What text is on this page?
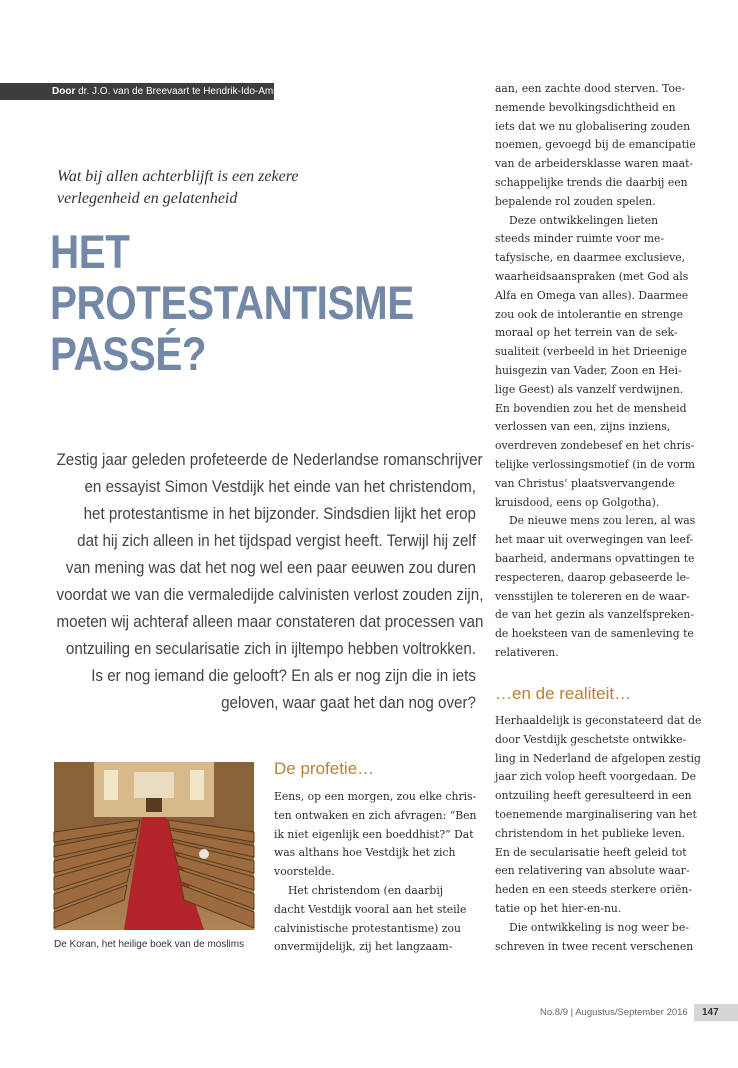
Door dr. J.O. van de Breevaart te Hendrik-Ido-Ambacht
Wat bij allen achterblijft is een zekere
verlegenheid en gelatenheid
HET
PROTESTANTISME
PASSÉ?
Zestig jaar geleden profeteerde de Nederlandse romanschrijver
en essayist Simon Vestdijk het einde van het christendom,
het protestantisme in het bijzonder. Sindsdien lijkt het erop
dat hij zich alleen in het tijdspad vergist heeft. Terwijl hij zelf
van mening was dat het nog wel een paar eeuwen zou duren
voordat we van die vermaledijde calvinisten verlost zouden zijn,
moeten wij achteraf alleen maar constateren dat processen van
ontzuiling en secularisatie zich in ijltempo hebben voltrokken.
Is er nog iemand die gelooft? En als er nog zijn die in iets
geloven, waar gaat het dan nog over?
De Koran, het heilige boek van de moslims
De profetie…
Eens, op een morgen, zou elke chris-
ten ontwaken en zich afvragen: “Ben
ik niet eigenlijk een boeddhist?” Dat
was althans hoe Vestdijk het zich
voorstelde.
Het christendom (en daarbij
dacht Vestdijk vooral aan het steile
calvinistische protestantisme) zou
onvermijdelijk, zij het langzaam-
aan, een zachte dood sterven. Toe-
nemende bevolkingsdichtheid en
iets dat we nu globalisering zouden
noemen, gevoegd bij de emancipatie
van de arbeidersklasse waren maat-
schappelijke trends die daarbij een
bepalende rol zouden spelen.
Deze ontwikkelingen lieten
steeds minder ruimte voor me-
tafysische, en daarmee exclusieve,
waarheidsaanspraken (met God als
Alfa en Omega van alles). Daarmee
zou ook de intolerantie en strenge
moraal op het terrein van de sek-
sualiteit (verbeeld in het Drieenige
huisgezin van Vader, Zoon en Hei-
lige Geest) als vanzelf verdwijnen.
En bovendien zou het de mensheid
verlossen van een, zijns inziens,
overdreven zondebesef en het chris-
telijke verlossingsmotief (in de vorm
van Christus’ plaatsvervangende
kruisdood, eens op Golgotha).
De nieuwe mens zou leren, al was
het maar uit overwegingen van leef-
baarheid, andermans opvattingen te
respecteren, daarop gebaseerde le-
vensstijlen te tolereren en de waar-
de van het gezin als vanzelfspreken-
de hoeksteen van de samenleving te
relativeren.
…en de realiteit…
Herhaaldelijk is geconstateerd dat de
door Vestdijk geschetste ontwikke-
ling in Nederland de afgelopen zestig
jaar zich volop heeft voorgedaan. De
ontzuiling heeft geresulteerd in een
toenemende marginalisering van het
christendom in het publieke leven.
En de secularisatie heeft geleid tot
een relativering van absolute waar-
heden en een steeds sterkere oriën-
tatie op het hier-en-nu.
Die ontwikkeling is nog weer be-
schreven in twee recent verschenen
No.8/9 | Augustus/September 2016	147
